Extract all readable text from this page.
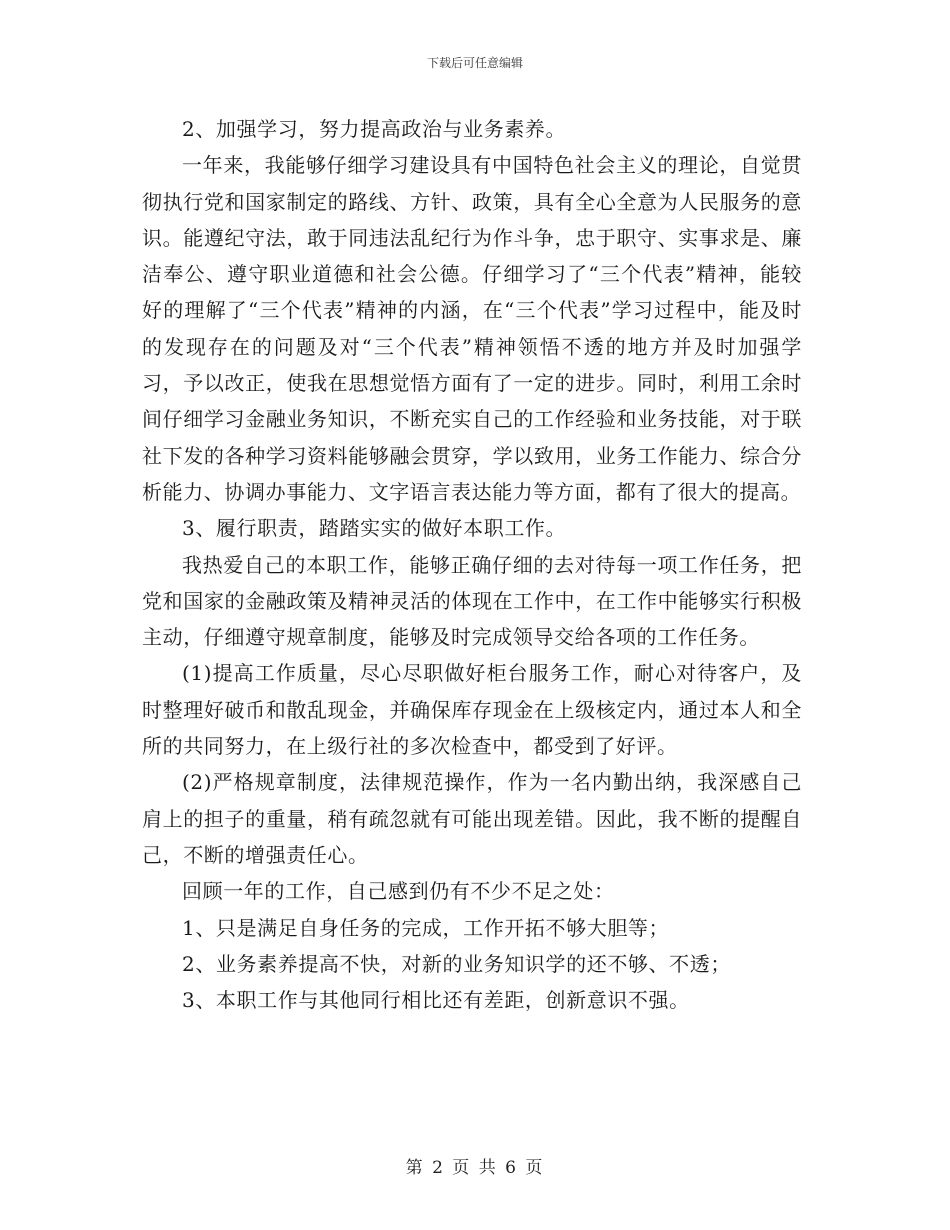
下载后可任意编辑

2、加强学习，努力提高政治与业务素养。

一年来，我能够仔细学习建设具有中国特色社会主义的理论，自觉贯彻执行党和国家制定的路线、方针、政策，具有全心全意为人民服务的意识。能遵纪守法，敢于同违法乱纪行为作斗争，忠于职守、实事求是、廉洁奉公、遵守职业道德和社会公德。仔细学习了“三个代表”精神，能较好的理解了“三个代表”精神的内涵，在“三个代表”学习过程中，能及时的发现存在的问题及对“三个代表”精神领悟不透的地方并及时加强学习，予以改正，使我在思想觉悟方面有了一定的进步。同时，利用工余时间仔细学习金融业务知识，不断充实自己的工作经验和业务技能，对于联社下发的各种学习资料能够融会贯穿，学以致用，业务工作能力、综合分析能力、协调办事能力、文字语言表达能力等方面，都有了很大的提高。

3、履行职责，踏踏实实的做好本职工作。

我热爱自己的本职工作，能够正确仔细的去对待每一项工作任务，把党和国家的金融政策及精神灵活的体现在工作中，在工作中能够实行积极主动，仔细遵守规章制度，能够及时完成领导交给各项的工作任务。

(1)提高工作质量，尽心尽职做好柜台服务工作，耐心对待客户，及时整理好破币和散乱现金，并确保库存现金在上级核定内，通过本人和全所的共同努力，在上级行社的多次检查中，都受到了好评。

(2)严格规章制度，法律规范操作，作为一名内勤出纳，我深感自己肩上的担子的重量，稍有疏忽就有可能出现差错。因此，我不断的提醒自己，不断的增强责任心。

回顾一年的工作，自己感到仍有不少不足之处：

1、只是满足自身任务的完成，工作开拓不够大胆等；

2、业务素养提高不快，对新的业务知识学的还不够、不透；

3、本职工作与其他同行相比还有差距，创新意识不强。

第 2 页 共 6 页
